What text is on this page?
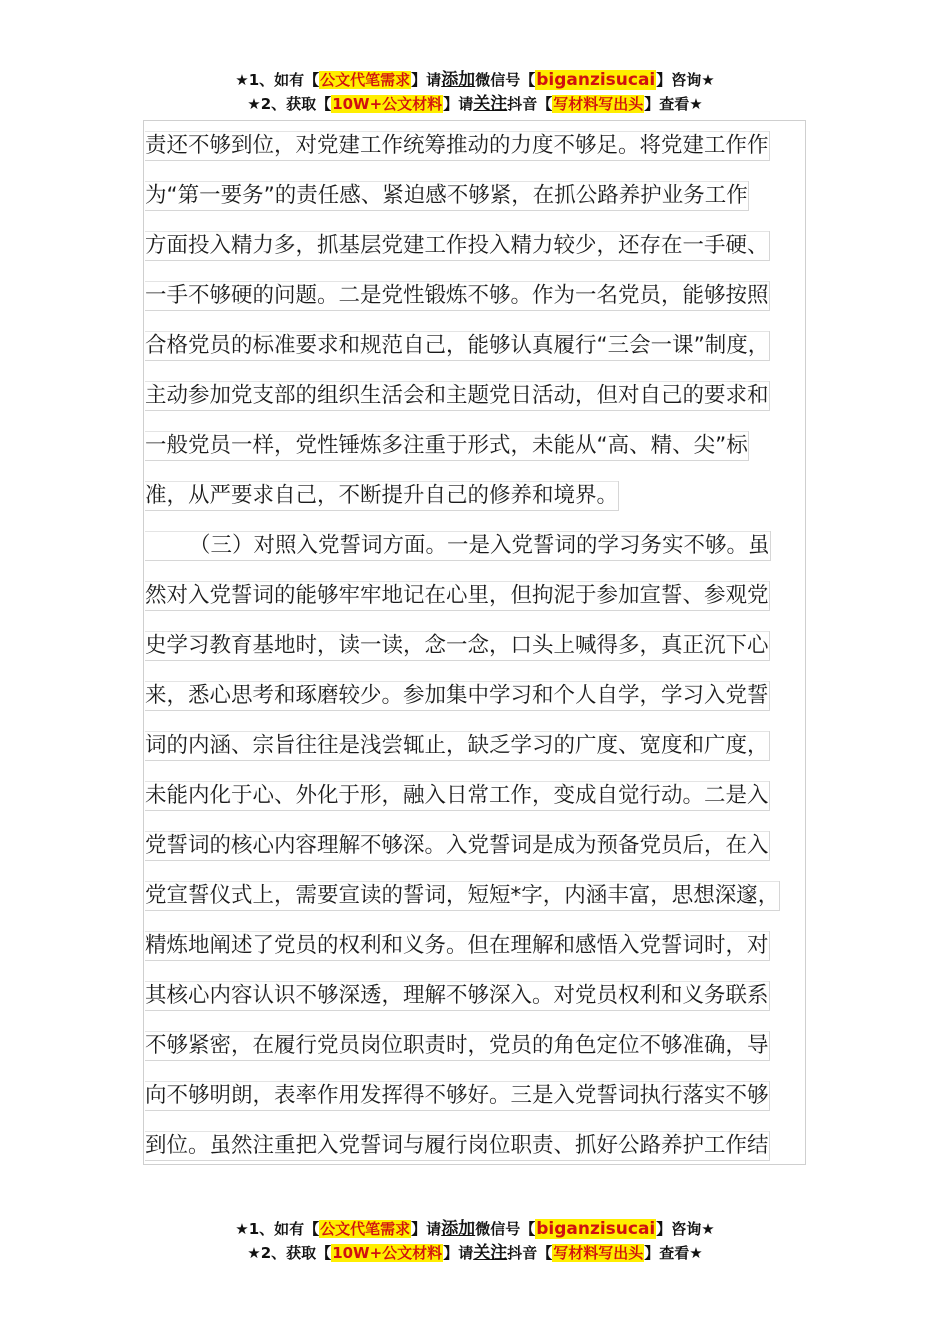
★1、如有【公文代笔需求】请添加微信号【biganzisucai】咨询★
★2、获取【10W+公文材料】请关注抖音【写材料写出头】查看★
责还不够到位，对党建工作统筹推动的力度不够足。将党建工作作
为“第一要务”的责任感、紧迫感不够紧，在抓公路养护业务工作
方面投入精力多，抓基层党建工作投入精力较少，还存在一手硬、
一手不够硬的问题。二是党性锻炼不够。作为一名党员，能够按照
合格党员的标准要求和规范自己，能够认真履行“三会一课”制度，
主动参加党支部的组织生活会和主题党日活动，但对自己的要求和
一般党员一样，党性锤炼多注重于形式，未能从“高、精、尖”标
准，从严要求自己，不断提升自己的修养和境界。
（三）对照入党誓词方面。一是入党誓词的学习务实不够。虽
然对入党誓词的能够牢牢地记在心里，但拘泥于参加宣誓、参观党
史学习教育基地时，读一读，念一念，口头上喊得多，真正沉下心
来，悉心思考和琢磨较少。参加集中学习和个人自学，学习入党誓
词的内涵、宗旨往往是浅尝辄止，缺乏学习的广度、宽度和广度，
未能内化于心、外化于形，融入日常工作，变成自觉行动。二是入
党誓词的核心内容理解不够深。入党誓词是成为预备党员后，在入
党宣誓仪式上，需要宣读的誓词，短短*字，内涵丰富，思想深邃，
精炼地阐述了党员的权利和义务。但在理解和感悟入党誓词时，对
其核心内容认识不够深透，理解不够深入。对党员权利和义务联系
不够紧密，在履行党员岗位职责时，党员的角色定位不够准确，导
向不够明朗，表率作用发挥得不够好。三是入党誓词执行落实不够
到位。虽然注重把入党誓词与履行岗位职责、抓好公路养护工作结
★1、如有【公文代笔需求】请添加微信号【biganzisucai】咨询★
★2、获取【10W+公文材料】请关注抖音【写材料写出头】查看★
